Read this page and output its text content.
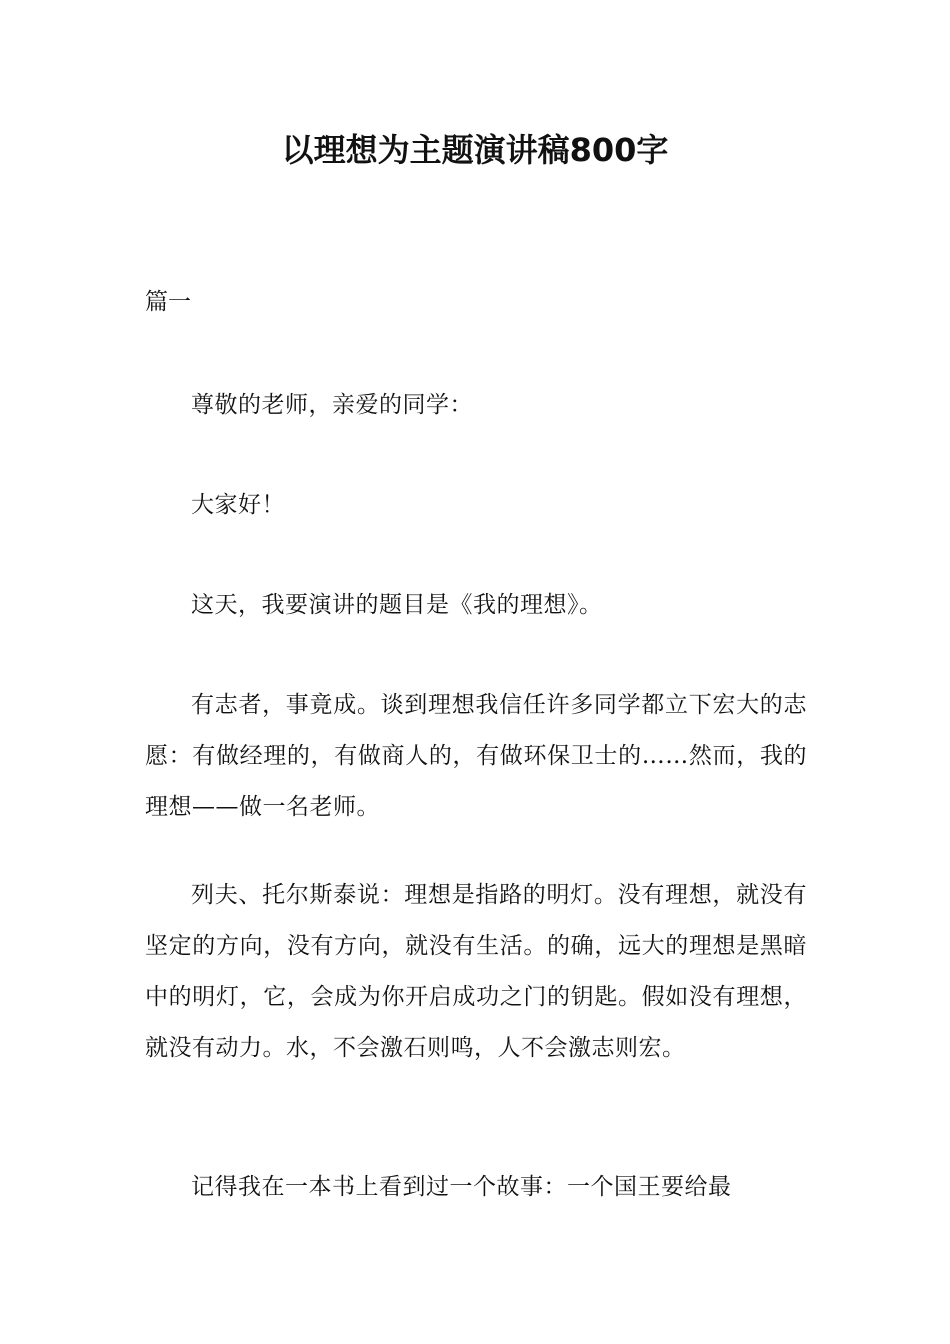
以理想为主题演讲稿800字
篇一

尊敬的老师，亲爱的同学：

大家好！

这天，我要演讲的题目是《我的理想》。

有志者，事竟成。谈到理想我信任许多同学都立下宏大的志愿：有做经理的，有做商人的，有做环保卫士的……然而，我的理想——做一名老师。

列夫、托尔斯泰说：理想是指路的明灯。没有理想，就没有坚定的方向，没有方向，就没有生活。的确，远大的理想是黑暗中的明灯，它，会成为你开启成功之门的钥匙。假如没有理想，就没有动力。水，不会激石则鸣，人不会激志则宏。

记得我在一本书上看到过一个故事：一个国王要给最
